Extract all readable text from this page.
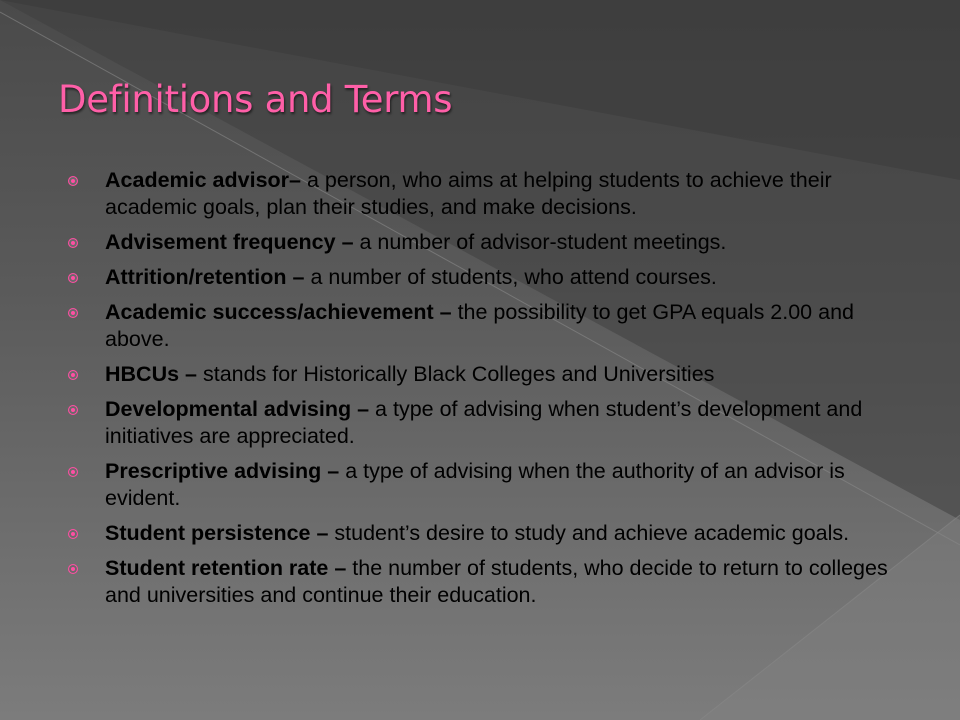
Definitions and Terms
Academic advisor– a person, who aims at helping students to achieve their academic goals, plan their studies, and make decisions.
Advisement frequency – a number of advisor-student meetings.
Attrition/retention – a number of students, who attend courses.
Academic success/achievement – the possibility to get GPA equals 2.00 and above.
HBCUs – stands for Historically Black Colleges and Universities
Developmental advising – a type of advising when student’s development and initiatives are appreciated.
Prescriptive advising – a type of advising when the authority of an advisor is evident.
Student persistence – student’s desire to study and achieve academic goals.
Student retention rate – the number of students, who decide to return to colleges and universities and continue their education.
